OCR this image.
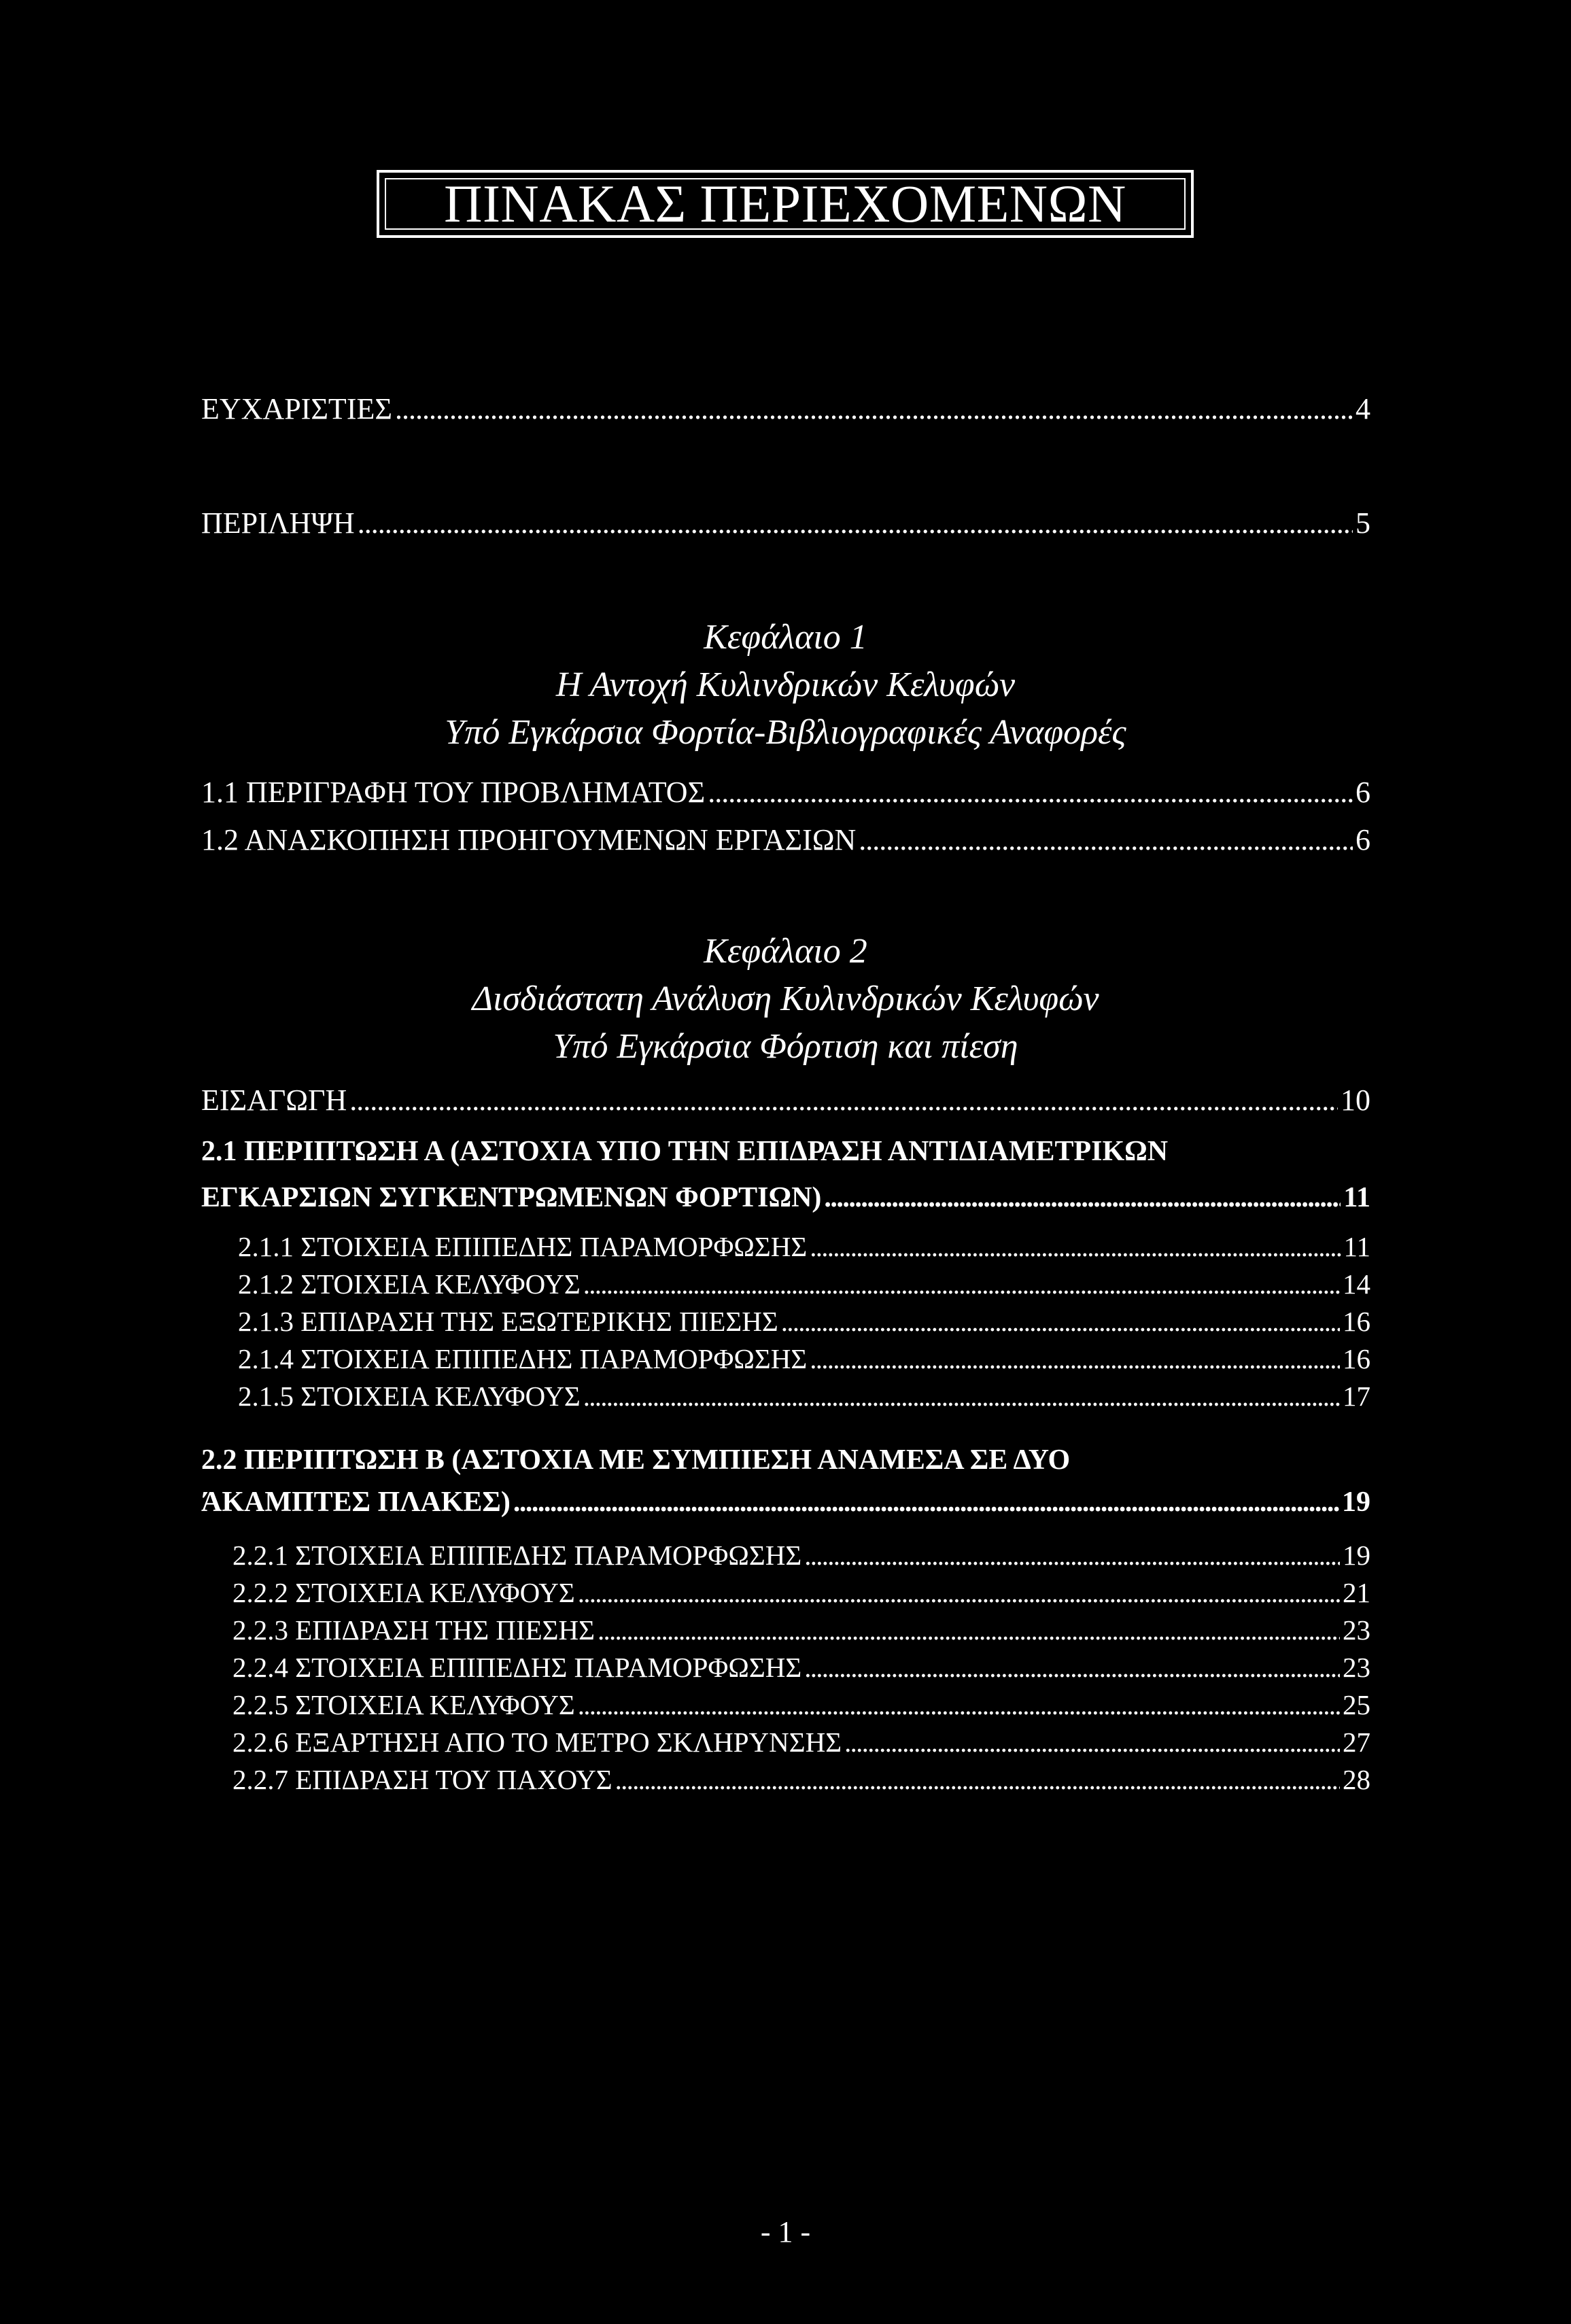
ΠΙΝΑΚΑΣ ΠΕΡΙΕΧΟΜΕΝΩΝ
ΕΥΧΑΡΙΣΤΙΕΣ . . .	4
ΠΕΡΙΛΗΨΗ . . .	5
Κεφάλαιο 1
Η Αντοχή Κυλινδρικών Κελυφών
Υπό Εγκάρσια Φορτία-Βιβλιογραφικές Αναφορές
1.1 ΠΕΡΙΓΡΑΦΗ ΤΟΥ ΠΡΟΒΛΗΜΑΤΟΣ . . .	6
1.2 ΑΝΑΣΚΟΠΗΣΗ ΠΡΟΗΓΟΥΜΕΝΩΝ ΕΡΓΑΣΙΩΝ . . .	6
Κεφάλαιο 2
Δισδιάστατη Ανάλυση Κυλινδρικών Κελυφών
Υπό Εγκάρσια Φόρτιση και πίεση
ΕΙΣΑΓΩΓΗ . . .	10
2.1 ΠΕΡΙΠΤΩΣΗ Α (ΑΣΤΟΧΙΑ ΥΠΟ ΤΗΝ ΕΠΙΔΡΑΣΗ ΑΝΤΙΔΙΑΜΕΤΡΙΚΩΝ
ΕΓΚΑΡΣΙΩΝ ΣΥΓΚΕΝΤΡΩΜΕΝΩΝ ΦΟΡΤΙΩΝ) . . .	11
2.1.1 ΣΤΟΙΧΕΙΑ ΕΠΙΠΕΔΗΣ ΠΑΡΑΜΟΡΦΩΣΗΣ . . .	11
2.1.2 ΣΤΟΙΧΕΙΑ ΚΕΛΥΦΟΥΣ . . .	14
2.1.3 ΕΠΙΔΡΑΣΗ ΤΗΣ ΕΞΩΤΕΡΙΚΗΣ ΠΙΕΣΗΣ . . .	16
2.1.4 ΣΤΟΙΧΕΙΑ ΕΠΙΠΕΔΗΣ ΠΑΡΑΜΟΡΦΩΣΗΣ . . .	16
2.1.5 ΣΤΟΙΧΕΙΑ ΚΕΛΥΦΟΥΣ . . .	17
2.2 ΠΕΡΙΠΤΩΣΗ Β (ΑΣΤΟΧΙΑ ΜΕ ΣΥΜΠΙΕΣΗ ΑΝΑΜΕΣΑ ΣΕ ΔΥΟ
ΆΚΑΜΠΤΕΣ ΠΛΑΚΕΣ) . . .	19
2.2.1 ΣΤΟΙΧΕΙΑ ΕΠΙΠΕΔΗΣ ΠΑΡΑΜΟΡΦΩΣΗΣ . . .	19
2.2.2 ΣΤΟΙΧΕΙΑ ΚΕΛΥΦΟΥΣ . . .	21
2.2.3 ΕΠΙΔΡΑΣΗ ΤΗΣ ΠΙΕΣΗΣ . . .	23
2.2.4 ΣΤΟΙΧΕΙΑ ΕΠΙΠΕΔΗΣ ΠΑΡΑΜΟΡΦΩΣΗΣ . . .	23
2.2.5 ΣΤΟΙΧΕΙΑ ΚΕΛΥΦΟΥΣ . . .	25
2.2.6 ΕΞΑΡΤΗΣΗ ΑΠΟ ΤΟ ΜΕΤΡΟ ΣΚΛΗΡΥΝΣΗΣ . . .	27
2.2.7 ΕΠΙΔΡΑΣΗ ΤΟΥ ΠΑΧΟΥΣ . . .	28
- 1 -
